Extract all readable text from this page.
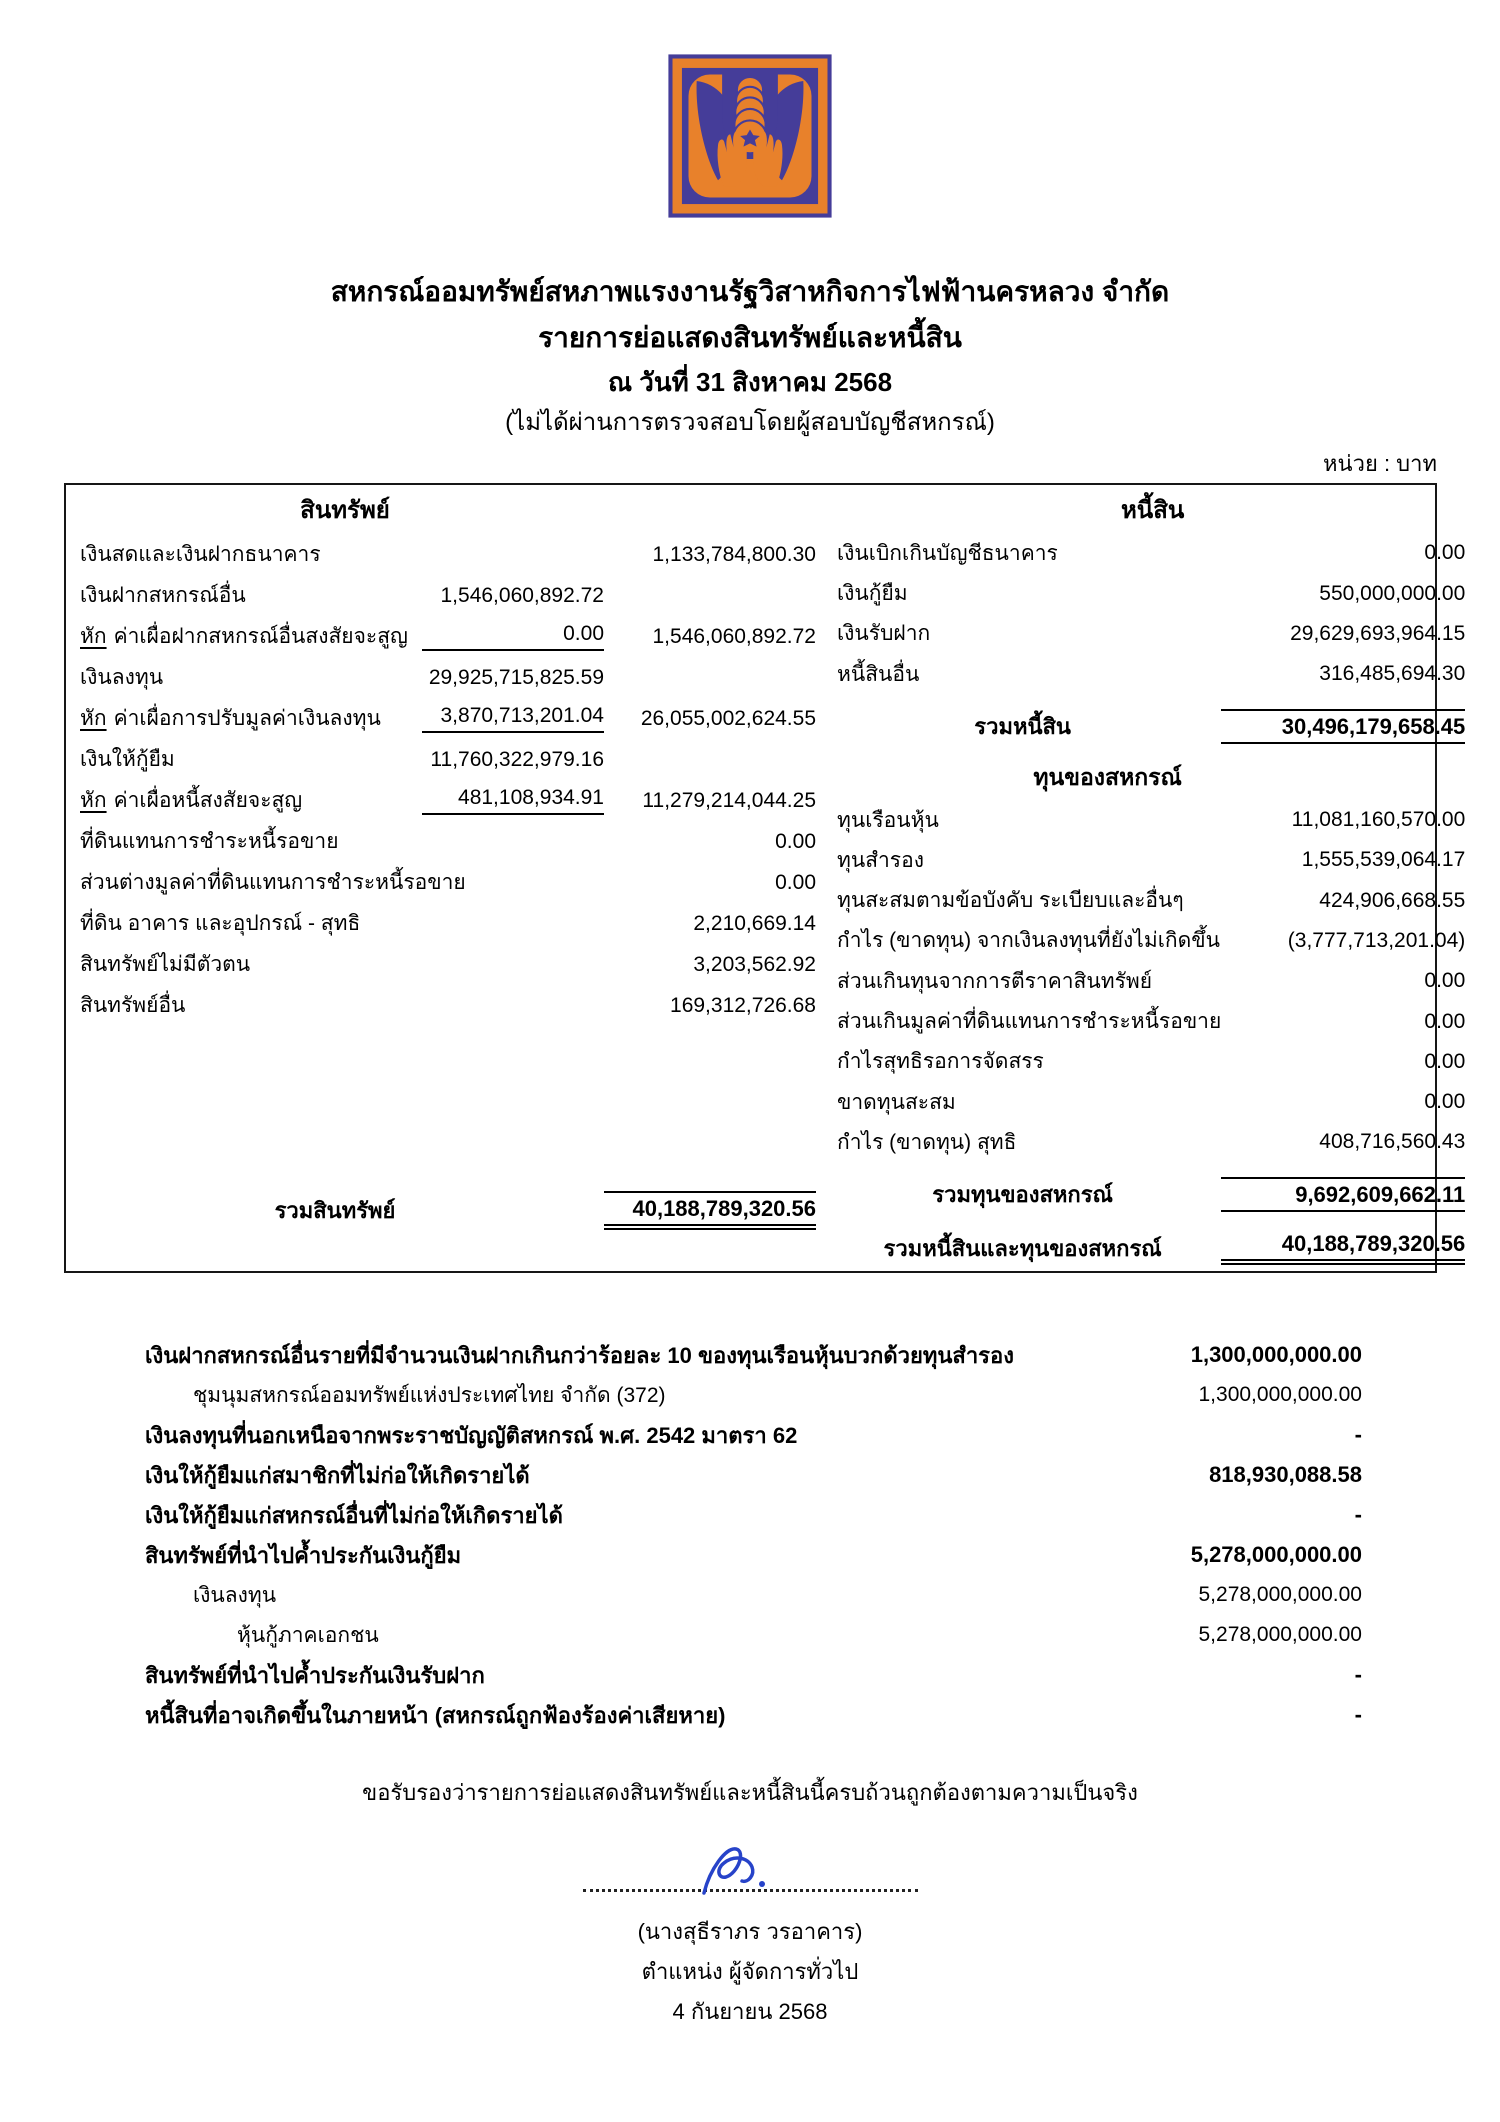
สหกรณ์ออมทรัพย์สหภาพแรงงานรัฐวิสาหกิจการไฟฟ้านครหลวง จำกัด
รายการย่อแสดงสินทรัพย์และหนี้สิน
ณ วันที่ 31 สิงหาคม 2568
(ไม่ได้ผ่านการตรวจสอบโดยผู้สอบบัญชีสหกรณ์)
หน่วย : บาท
สินทรัพย์
เงินสดและเงินฝากธนาคาร	1,133,784,800.30
เงินฝากสหกรณ์อื่น	1,546,060,892.72
หัก ค่าเผื่อฝากสหกรณ์อื่นสงสัยจะสูญ	0.00	1,546,060,892.72
เงินลงทุน	29,925,715,825.59
หัก ค่าเผื่อการปรับมูลค่าเงินลงทุน	3,870,713,201.04	26,055,002,624.55
เงินให้กู้ยืม	11,760,322,979.16
หัก ค่าเผื่อหนี้สงสัยจะสูญ	481,108,934.91	11,279,214,044.25
ที่ดินแทนการชำระหนี้รอขาย	0.00
ส่วนต่างมูลค่าที่ดินแทนการชำระหนี้รอขาย	0.00
ที่ดิน อาคาร และอุปกรณ์ - สุทธิ	2,210,669.14
สินทรัพย์ไม่มีตัวตน	3,203,562.92
สินทรัพย์อื่น	169,312,726.68
รวมสินทรัพย์	40,188,789,320.56
หนี้สิน
เงินเบิกเกินบัญชีธนาคาร	0.00
เงินกู้ยืม	550,000,000.00
เงินรับฝาก	29,629,693,964.15
หนี้สินอื่น	316,485,694.30
รวมหนี้สิน	30,496,179,658.45
ทุนของสหกรณ์
ทุนเรือนหุ้น	11,081,160,570.00
ทุนสำรอง	1,555,539,064.17
ทุนสะสมตามข้อบังคับ ระเบียบและอื่นๆ	424,906,668.55
กำไร (ขาดทุน) จากเงินลงทุนที่ยังไม่เกิดขึ้น	(3,777,713,201.04)
ส่วนเกินทุนจากการตีราคาสินทรัพย์	0.00
ส่วนเกินมูลค่าที่ดินแทนการชำระหนี้รอขาย	0.00
กำไรสุทธิรอการจัดสรร	0.00
ขาดทุนสะสม	0.00
กำไร (ขาดทุน) สุทธิ	408,716,560.43
รวมทุนของสหกรณ์	9,692,609,662.11
รวมหนี้สินและทุนของสหกรณ์	40,188,789,320.56
เงินฝากสหกรณ์อื่นรายที่มีจำนวนเงินฝากเกินกว่าร้อยละ 10 ของทุนเรือนหุ้นบวกด้วยทุนสำรอง	1,300,000,000.00
ชุมนุมสหกรณ์ออมทรัพย์แห่งประเทศไทย จำกัด (372)	1,300,000,000.00
เงินลงทุนที่นอกเหนือจากพระราชบัญญัติสหกรณ์ พ.ศ. 2542 มาตรา 62	-
เงินให้กู้ยืมแก่สมาชิกที่ไม่ก่อให้เกิดรายได้	818,930,088.58
เงินให้กู้ยืมแก่สหกรณ์อื่นที่ไม่ก่อให้เกิดรายได้	-
สินทรัพย์ที่นำไปค้ำประกันเงินกู้ยืม	5,278,000,000.00
เงินลงทุน	5,278,000,000.00
หุ้นกู้ภาคเอกชน	5,278,000,000.00
สินทรัพย์ที่นำไปค้ำประกันเงินรับฝาก	-
หนี้สินที่อาจเกิดขึ้นในภายหน้า (สหกรณ์ถูกฟ้องร้องค่าเสียหาย)	-
ขอรับรองว่ารายการย่อแสดงสินทรัพย์และหนี้สินนี้ครบถ้วนถูกต้องตามความเป็นจริง
(นางสุธีราภร วรอาคาร)
ตำแหน่ง ผู้จัดการทั่วไป
4 กันยายน 2568
